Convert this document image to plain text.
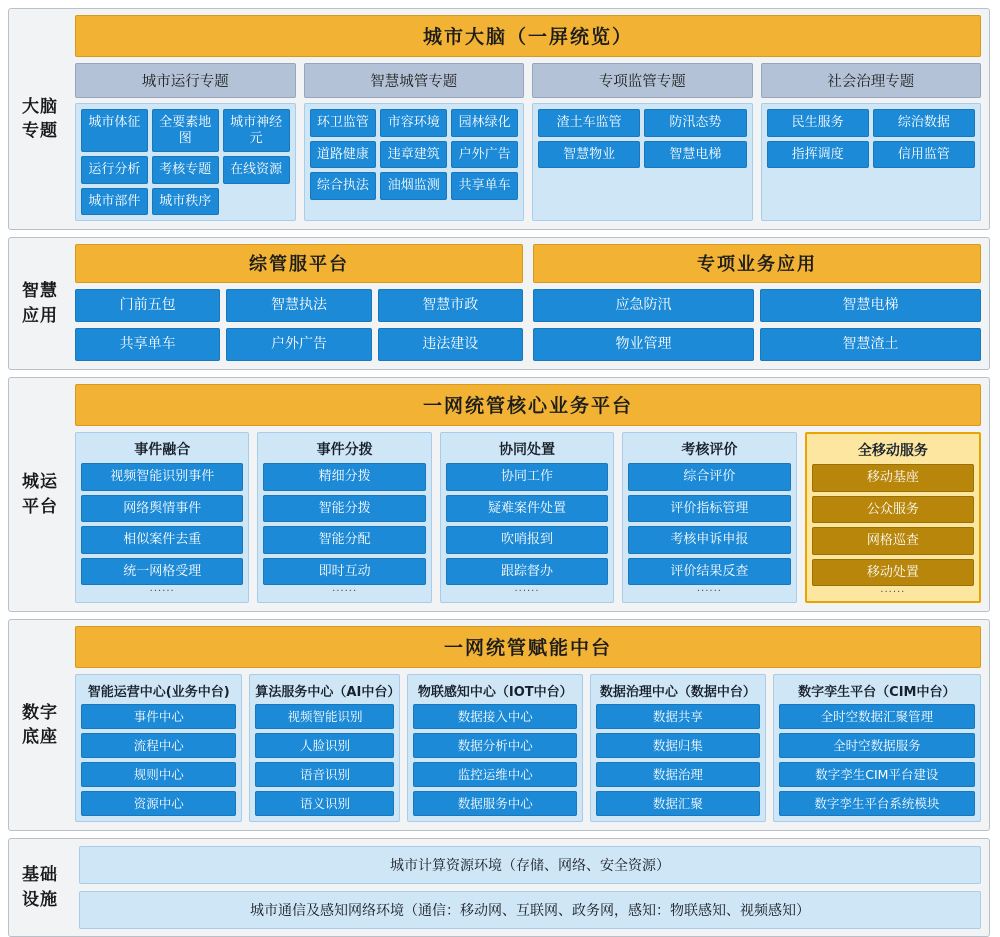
大脑
专题
城市大脑（一屏统览）
城市运行专题
城市体征	全要素地图
城市神经元
运行分析	考核专题	在线资源
城市部件	城市秩序
智慧城管专题
环卫监管	市容环境	园林绿化
道路健康	违章建筑	户外广告
综合执法	油烟监测	共享单车
专项监管专题
渣土车监管	防汛态势
智慧物业	智慧电梯
社会治理专题
民生服务	综治数据
指挥调度	信用监管
智慧
应用
综管服平台
门前五包	智慧执法	智慧市政
共享单车	户外广告	违法建设
专项业务应用
应急防汛	智慧电梯
物业管理	智慧渣土
城运
平台
一网统管核心业务平台
事件融合
视频智能识别事件
网络舆情事件
相似案件去重
统一网格受理
······
事件分拨
精细分拨
智能分拨
智能分配
即时互动
······
协同处置
协同工作
疑难案件处置
吹哨报到
跟踪督办
······
考核评价
综合评价
评价指标管理
考核申诉申报
评价结果反查
······
全移动服务
移动基座
公众服务
网格巡查
移动处置
······
数字
底座
一网统管赋能中台
智能运营中心(业务中台)
事件中心
流程中心
规则中心
资源中心
算法服务中心（AI中台）
视频智能识别
人脸识别
语音识别
语义识别
物联感知中心（IOT中台）
数据接入中心
数据分析中心
监控运维中心
数据服务中心
数据治理中心（数据中台）
数据共享
数据归集
数据治理
数据汇聚
数字孪生平台（CIM中台）
全时空数据汇聚管理
全时空数据服务
数字孪生CIM平台建设
数字孪生平台系统模块
基础
设施
城市计算资源环境（存储、网络、安全资源）
城市通信及感知网络环境（通信：移动网、互联网、政务网，感知：物联感知、视频感知）
